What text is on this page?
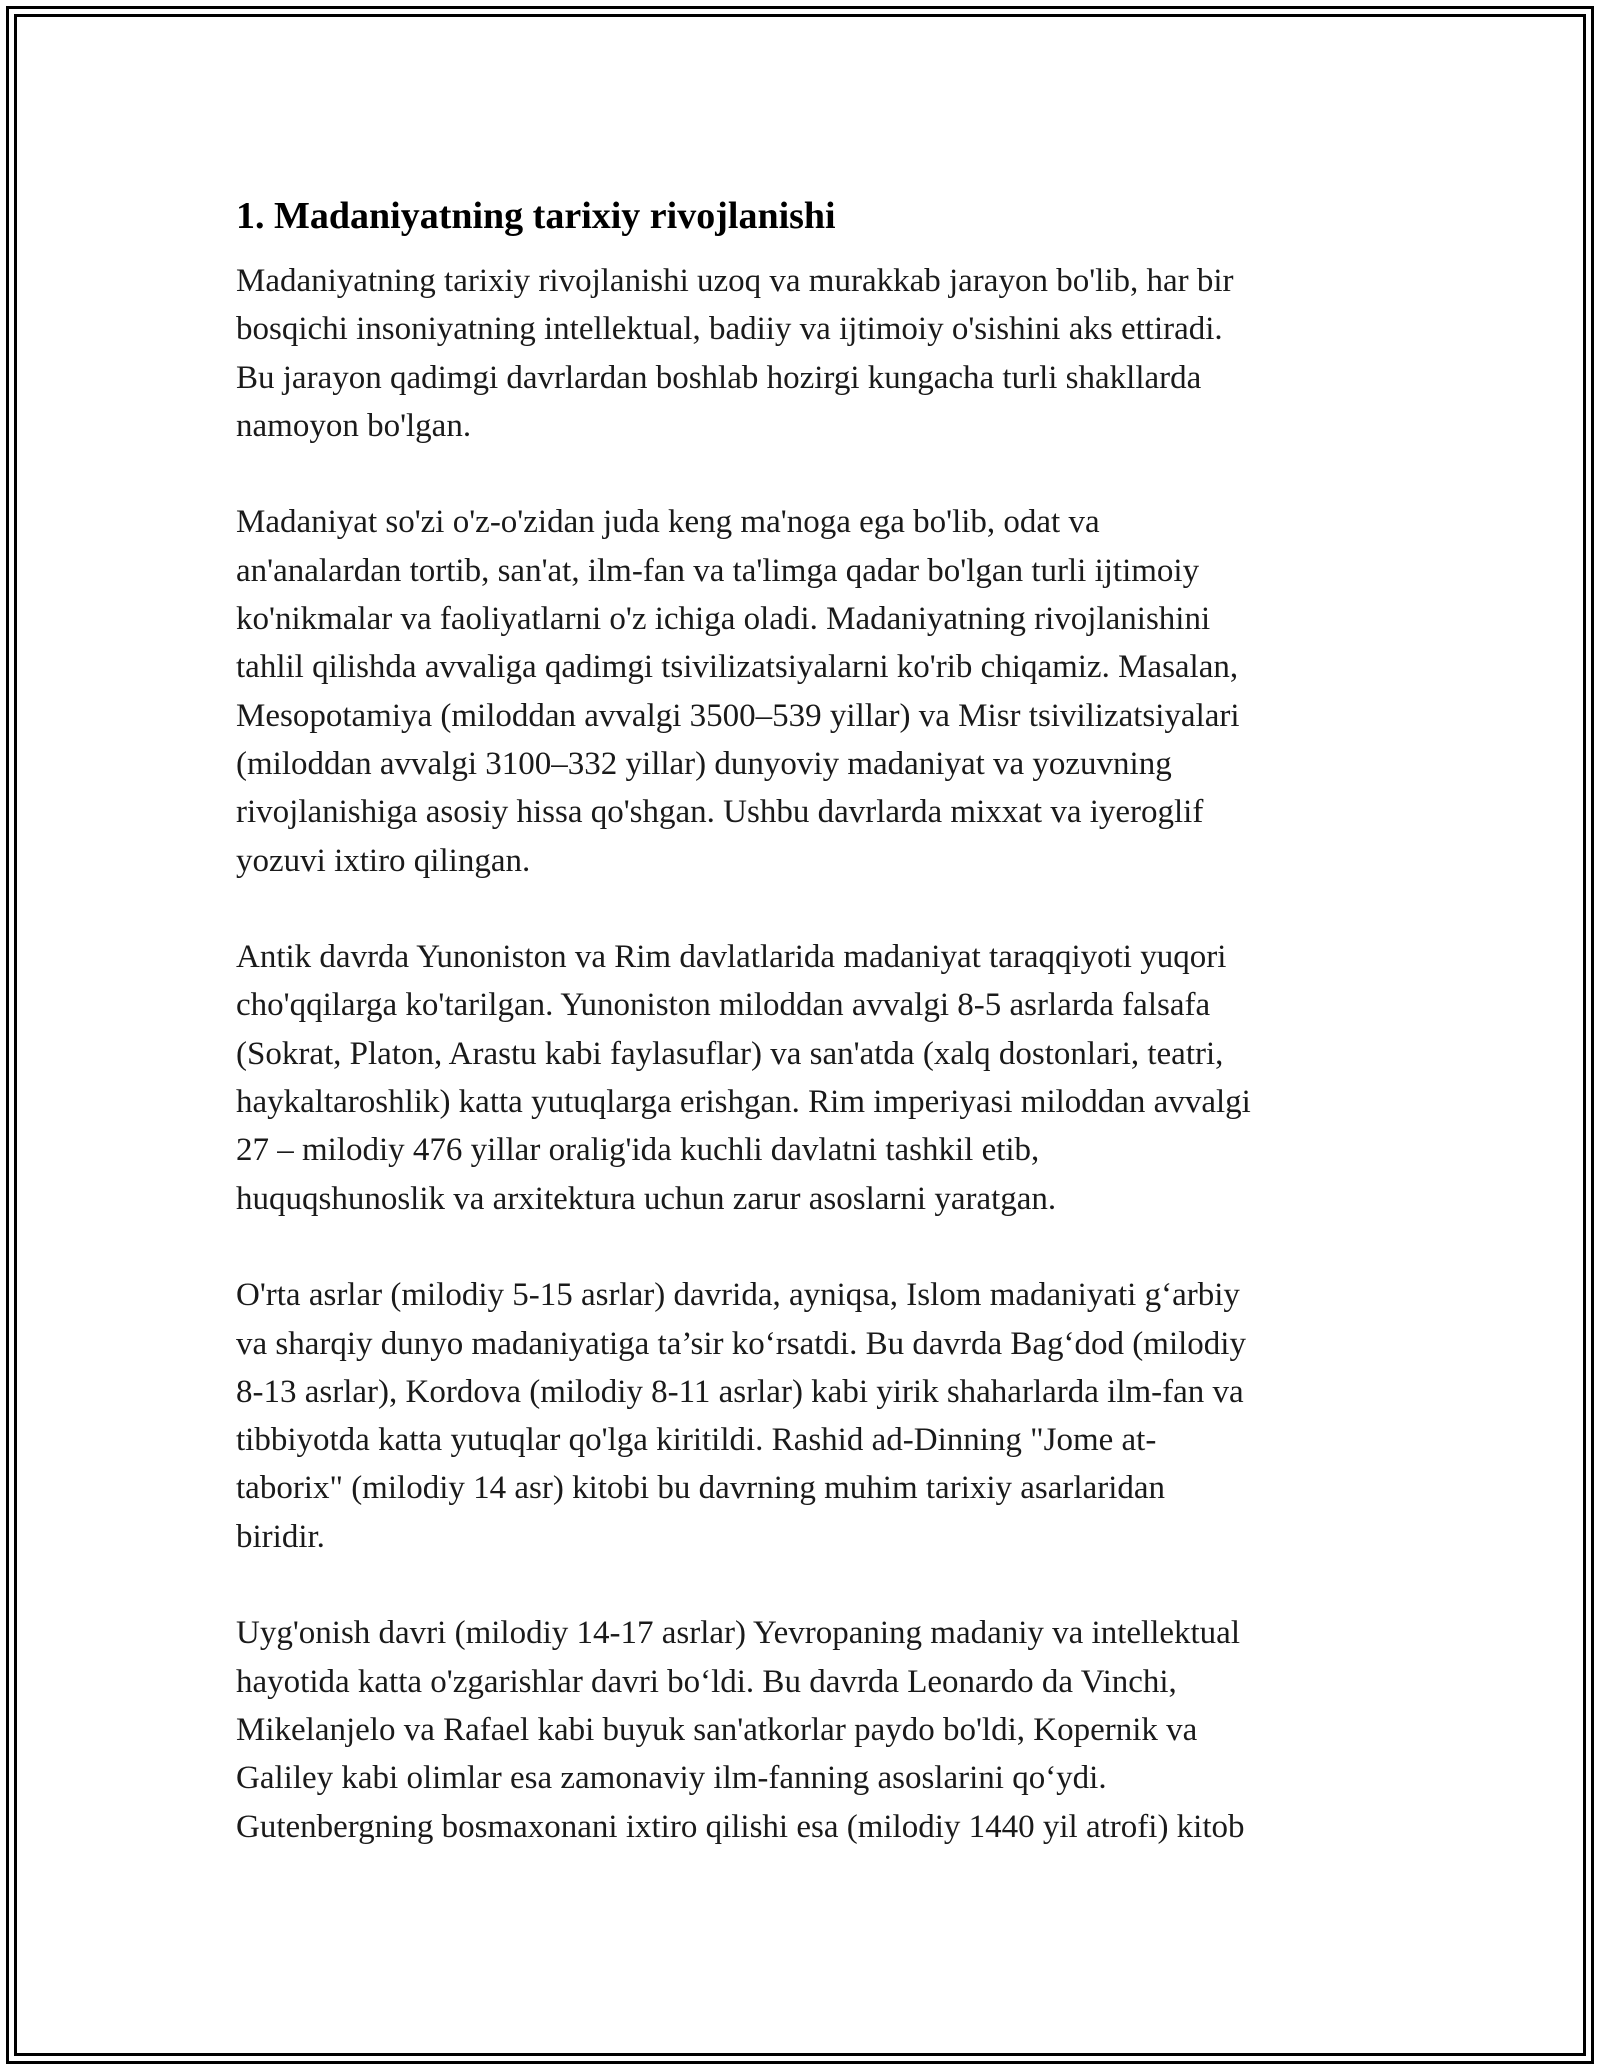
1. Madaniyatning tarixiy rivojlanishi

Madaniyatning tarixiy rivojlanishi uzoq va murakkab jarayon bo'lib, har bir
bosqichi insoniyatning intellektual, badiiy va ijtimoiy o'sishini aks ettiradi.
Bu jarayon qadimgi davrlardan boshlab hozirgi kungacha turli shakllarda
namoyon bo'lgan.

Madaniyat so'zi o'z-o'zidan juda keng ma'noga ega bo'lib, odat va
an'analardan tortib, san'at, ilm-fan va ta'limga qadar bo'lgan turli ijtimoiy
ko'nikmalar va faoliyatlarni o'z ichiga oladi. Madaniyatning rivojlanishini
tahlil qilishda avvaliga qadimgi tsivilizatsiyalarni ko'rib chiqamiz. Masalan,
Mesopotamiya (miloddan avvalgi 3500–539 yillar) va Misr tsivilizatsiyalari
(miloddan avvalgi 3100–332 yillar) dunyoviy madaniyat va yozuvning
rivojlanishiga asosiy hissa qo'shgan. Ushbu davrlarda mixxat va iyeroglif
yozuvi ixtiro qilingan.

Antik davrda Yunoniston va Rim davlatlarida madaniyat taraqqiyoti yuqori
cho'qqilarga ko'tarilgan. Yunoniston miloddan avvalgi 8-5 asrlarda falsafa
(Sokrat, Platon, Arastu kabi faylasuflar) va san'atda (xalq dostonlari, teatri,
haykaltaroshlik) katta yutuqlarga erishgan. Rim imperiyasi miloddan avvalgi
27 – milodiy 476 yillar oralig'ida kuchli davlatni tashkil etib,
huquqshunoslik va arxitektura uchun zarur asoslarni yaratgan.

O'rta asrlar (milodiy 5-15 asrlar) davrida, ayniqsa, Islom madaniyati g‘arbiy
va sharqiy dunyo madaniyatiga ta’sir ko‘rsatdi. Bu davrda Bag‘dod (milodiy
8-13 asrlar), Kordova (milodiy 8-11 asrlar) kabi yirik shaharlarda ilm-fan va
tibbiyotda katta yutuqlar qo'lga kiritildi. Rashid ad-Dinning "Jome at-
taborix" (milodiy 14 asr) kitobi bu davrning muhim tarixiy asarlaridan
biridir.

Uyg'onish davri (milodiy 14-17 asrlar) Yevropaning madaniy va intellektual
hayotida katta o'zgarishlar davri bo‘ldi. Bu davrda Leonardo da Vinchi,
Mikelanjelo va Rafael kabi buyuk san'atkorlar paydo bo'ldi, Kopernik va
Galiley kabi olimlar esa zamonaviy ilm-fanning asoslarini qo‘ydi.
Gutenbergning bosmaxonani ixtiro qilishi esa (milodiy 1440 yil atrofi) kitob
